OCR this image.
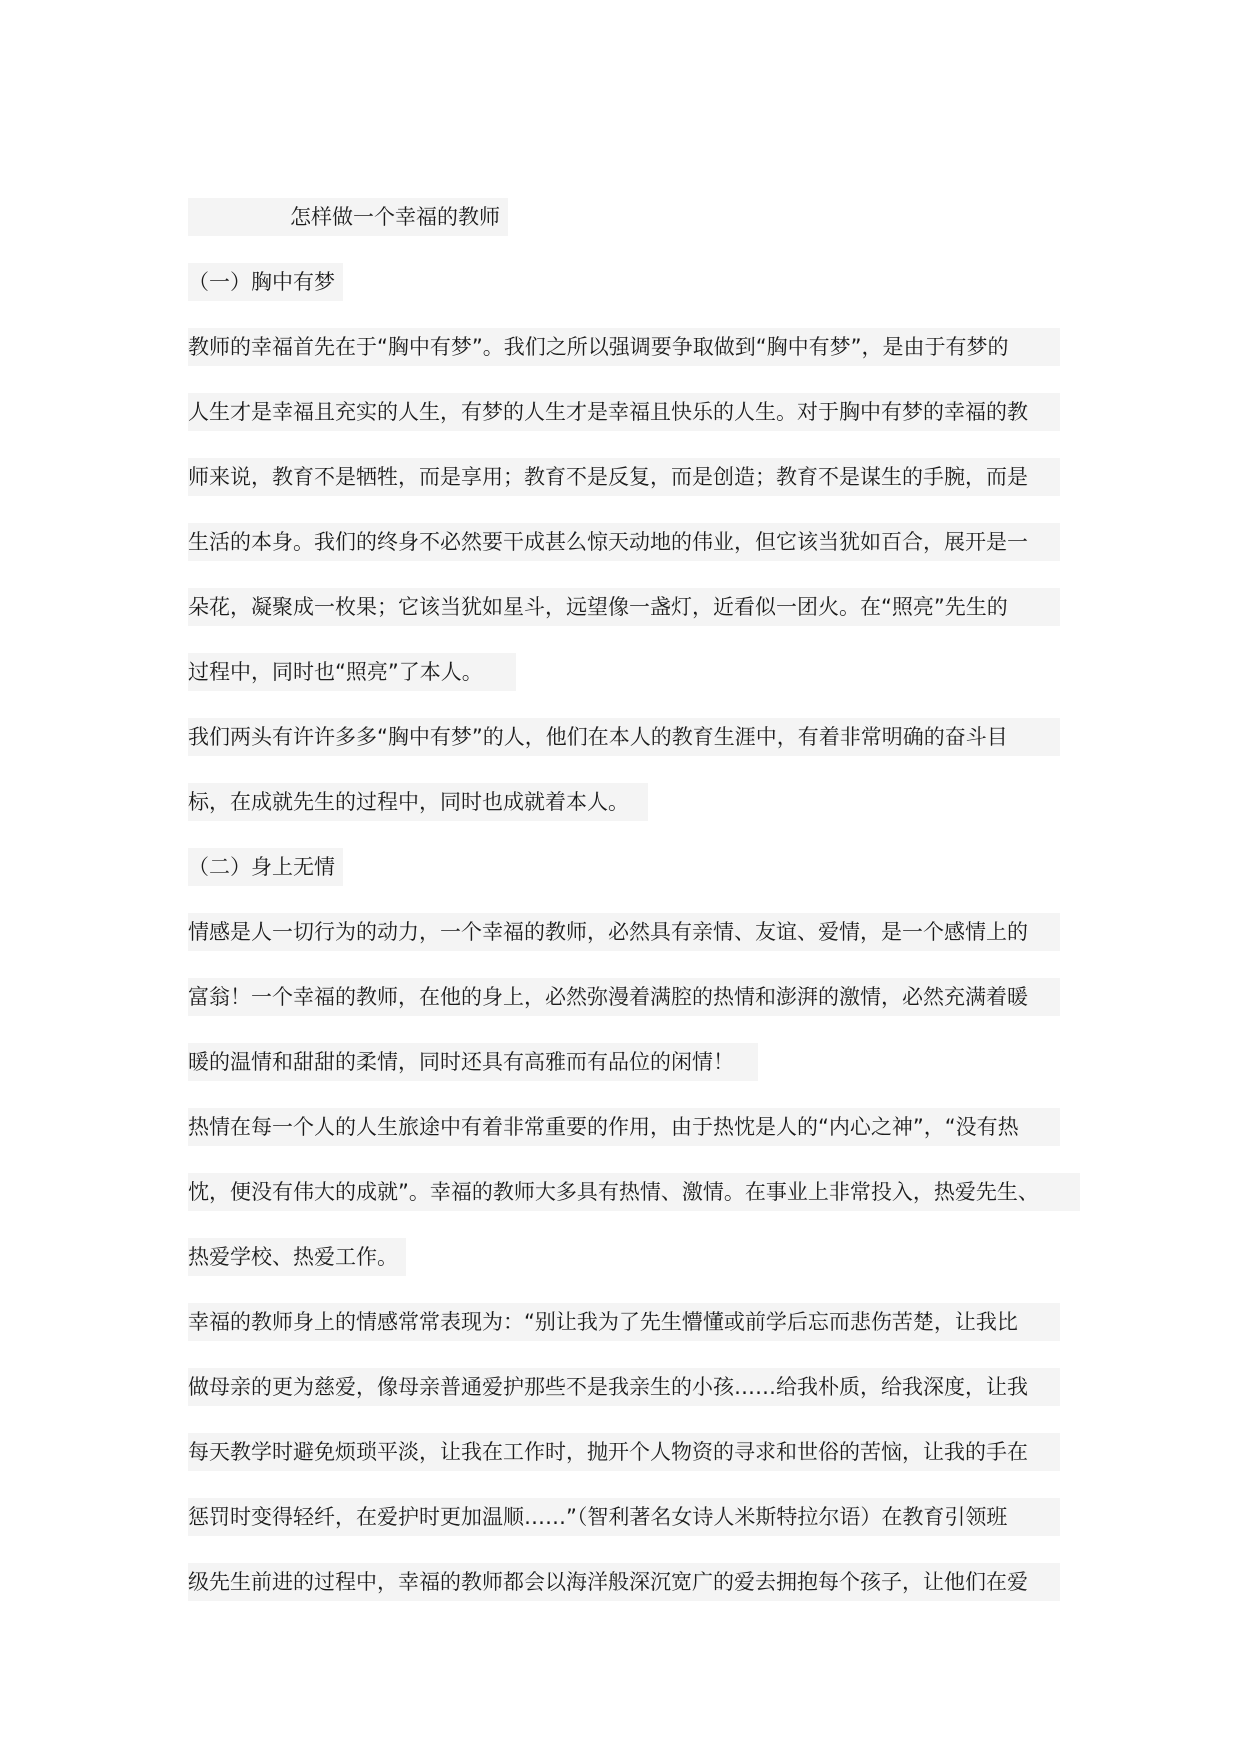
怎样做一个幸福的教师
（一）胸中有梦
教师的幸福首先在于“胸中有梦”。我们之所以强调要争取做到“胸中有梦”，是由于有梦的
人生才是幸福且充实的人生，有梦的人生才是幸福且快乐的人生。对于胸中有梦的幸福的教
师来说，教育不是牺牲，而是享用；教育不是反复，而是创造；教育不是谋生的手腕，而是
生活的本身。我们的终身不必然要干成甚么惊天动地的伟业，但它该当犹如百合，展开是一
朵花，凝聚成一枚果；它该当犹如星斗，远望像一盏灯，近看似一团火。在“照亮”先生的
过程中，同时也“照亮”了本人。
我们两头有许许多多“胸中有梦”的人，他们在本人的教育生涯中，有着非常明确的奋斗目
标，在成就先生的过程中，同时也成就着本人。
（二）身上无情
情感是人一切行为的动力，一个幸福的教师，必然具有亲情、友谊、爱情，是一个感情上的
富翁！一个幸福的教师，在他的身上，必然弥漫着满腔的热情和澎湃的激情，必然充满着暖
暖的温情和甜甜的柔情，同时还具有高雅而有品位的闲情！
热情在每一个人的人生旅途中有着非常重要的作用，由于热忱是人的“内心之神”，“没有热
忱，便没有伟大的成就”。幸福的教师大多具有热情、激情。在事业上非常投入，热爱先生、
热爱学校、热爱工作。
幸福的教师身上的情感常常表现为：“别让我为了先生懵懂或前学后忘而悲伤苦楚，让我比
做母亲的更为慈爱，像母亲普通爱护那些不是我亲生的小孩……给我朴质，给我深度，让我
每天教学时避免烦琐平淡，让我在工作时，抛开个人物资的寻求和世俗的苦恼，让我的手在
惩罚时变得轻纤，在爱护时更加温顺……”（智利著名女诗人米斯特拉尔语）在教育引领班
级先生前进的过程中，幸福的教师都会以海洋般深沉宽广的爱去拥抱每个孩子，让他们在爱
